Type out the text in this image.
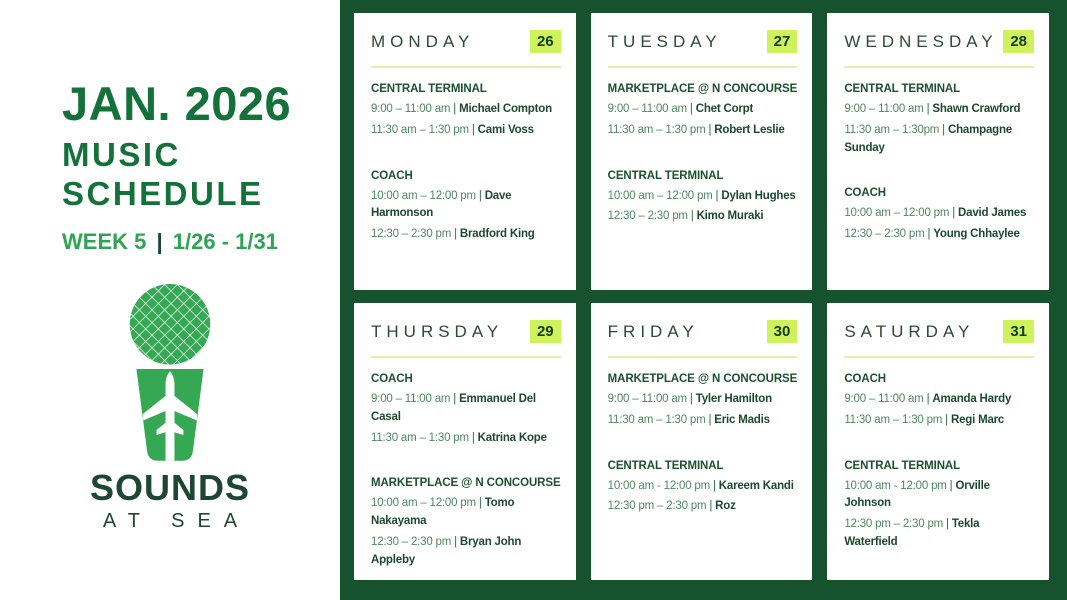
JAN. 2026
MUSIC
SCHEDULE
WEEK 5 | 1/26 - 1/31
SOUNDS
AT SEA
MONDAY	26
CENTRAL TERMINAL

9:00 – 11:00 am | Michael Compton

11:30 am – 1:30 pm | Cami Voss

COACH

10:00 am – 12:00 pm | Dave Harmonson

12:30 – 2:30 pm | Bradford King

TUESDAY	27
MARKETPLACE @ N CONCOURSE

9:00 – 11:00 am | Chet Corpt

11:30 am – 1:30 pm | Robert Leslie

CENTRAL TERMINAL

10:00 am – 12:00 pm | Dylan Hughes

12:30 – 2:30 pm | Kimo Muraki

WEDNESDAY 28
CENTRAL TERMINAL

9:00 – 11:00 am | Shawn Crawford

11:30 am – 1:30pm | Champagne Sunday

COACH

10:00 am – 12:00 pm | David James

12:30 – 2:30 pm | Young Chhaylee

THURSDAY	29
COACH

9:00 – 11:00 am | Emmanuel Del Casal

11:30 am – 1:30 pm | Katrina Kope

MARKETPLACE @ N CONCOURSE

10:00 am – 12:00 pm | Tomo Nakayama

12:30 – 2:30 pm | Bryan John Appleby

FRIDAY	30
MARKETPLACE @ N CONCOURSE

9:00 – 11:00 am | Tyler Hamilton

11:30 am – 1:30 pm | Eric Madis

CENTRAL TERMINAL

10:00 am - 12:00 pm | Kareem Kandi

12:30 pm – 2:30 pm | Roz

SATURDAY	31
COACH

9:00 – 11:00 am | Amanda Hardy

11:30 am – 1:30 pm | Regi Marc

CENTRAL TERMINAL

10:00 am - 12:00 pm | Orville Johnson

12:30 pm – 2:30 pm | Tekla Waterfield
